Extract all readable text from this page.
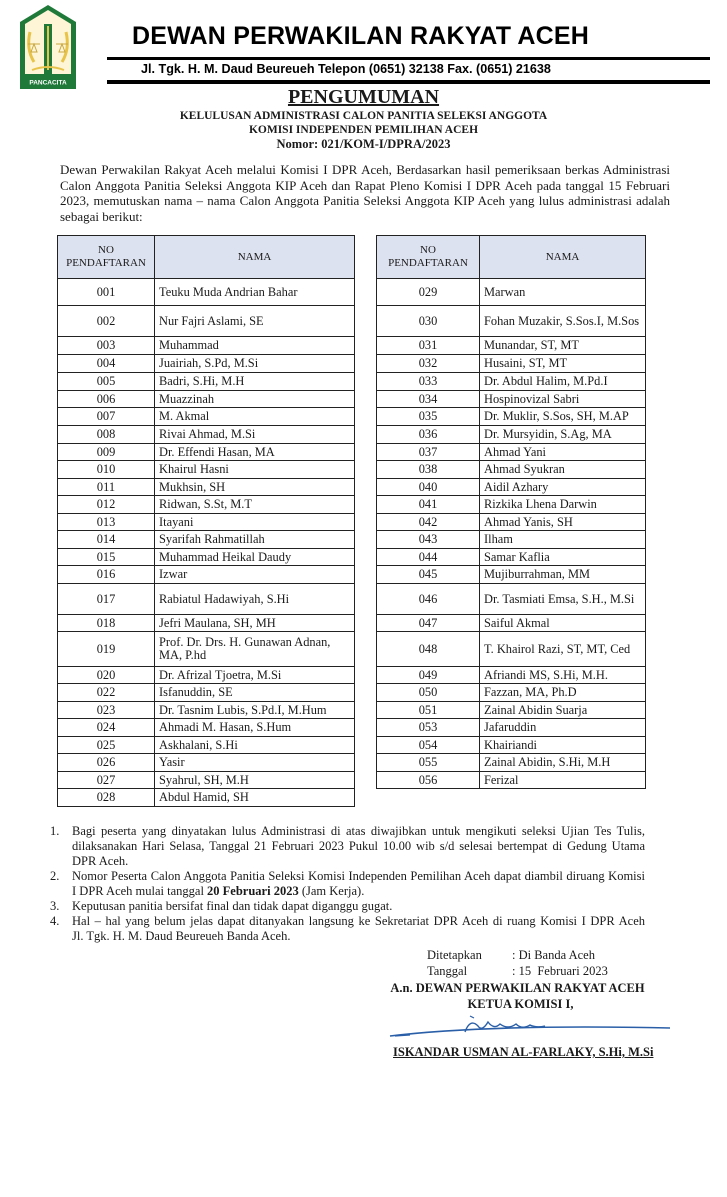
PANCACITA
DEWAN PERWAKILAN RAKYAT ACEH
Jl. Tgk. H. M. Daud Beureueh Telepon (0651) 32138 Fax. (0651) 21638

PENGUMUMAN

KELULUSAN ADMINISTRASI CALON PANITIA SELEKSI ANGGOTA

KOMISI INDEPENDEN PEMILIHAN ACEH

Nomor: 021/KOM-I/DPRA/2023

Dewan Perwakilan Rakyat Aceh melalui Komisi I DPR Aceh, Berdasarkan hasil pemeriksaan berkas Administrasi Calon Anggota Panitia Seleksi Anggota KIP Aceh dan Rapat Pleno Komisi I DPR Aceh pada tanggal 15 Februari 2023, memutuskan nama – nama Calon Anggota Panitia Seleksi Anggota KIP Aceh yang lulus administrasi adalah sebagai berikut:

NO PENDAFTARAN	NAMA
001	Teuku Muda Andrian Bahar
002	Nur Fajri Aslami, SE
003	Muhammad
004	Juairiah, S.Pd, M.Si
005	Badri, S.Hi, M.H
006	Muazzinah
007	M. Akmal
008	Rivai Ahmad, M.Si
009	Dr. Effendi Hasan, MA
010	Khairul Hasni
011	Mukhsin, SH
012	Ridwan, S.St, M.T
013	Itayani
014	Syarifah Rahmatillah
015	Muhammad Heikal Daudy
016	Izwar
017	Rabiatul Hadawiyah, S.Hi
018	Jefri Maulana, SH, MH
019	Prof. Dr. Drs. H. Gunawan Adnan, MA, P.hd
020	Dr. Afrizal Tjoetra, M.Si
022	Isfanuddin, SE
023	Dr. Tasnim Lubis, S.Pd.I, M.Hum
024	Ahmadi M. Hasan, S.Hum
025	Askhalani, S.Hi
026	Yasir
027	Syahrul, SH, M.H
028	Abdul Hamid, SH
NO PENDAFTARAN	NAMA
029	Marwan
030	Fohan Muzakir, S.Sos.I, M.Sos
031	Munandar, ST, MT
032	Husaini, ST, MT
033	Dr. Abdul Halim, M.Pd.I
034	Hospinovizal Sabri
035	Dr. Muklir, S.Sos, SH, M.AP
036	Dr. Mursyidin, S.Ag, MA
037	Ahmad Yani
038	Ahmad Syukran
040	Aidil Azhary
041	Rizkika Lhena Darwin
042	Ahmad Yanis, SH
043	Ilham
044	Samar Kaflia
045	Mujiburrahman, MM
046	Dr. Tasmiati Emsa, S.H., M.Si
047	Saiful Akmal
048	T. Khairol Razi, ST, MT, Ced
049	Afriandi MS, S.Hi, M.H.
050	Fazzan, MA, Ph.D
051	Zainal Abidin Suarja
053	Jafaruddin
054	Khairiandi
055	Zainal Abidin, S.Hi, M.H
056	Ferizal
1. Bagi peserta yang dinyatakan lulus Administrasi di atas diwajibkan untuk mengikuti seleksi Ujian Tes Tulis, dilaksanakan Hari Selasa, Tanggal 21 Februari 2023 Pukul 10.00 wib s/d selesai bertempat di Gedung Utama DPR Aceh.
2. Nomor Peserta Calon Anggota Panitia Seleksi Komisi Independen Pemilihan Aceh dapat diambil diruang Komisi I DPR Aceh mulai tanggal 20 Februari 2023 (Jam Kerja).
3. Keputusan panitia bersifat final dan tidak dapat diganggu gugat.
4. Hal – hal yang belum jelas dapat ditanyakan langsung ke Sekretariat DPR Aceh di ruang Komisi I DPR Aceh     Jl. Tgk. H. M. Daud Beureueh Banda Aceh.
Ditetapkan : Di Banda Aceh
Tanggal	: 15  Februari 2023
A.n. DEWAN PERWAKILAN RAKYAT ACEH
KETUA KOMISI I,
ISKANDAR USMAN AL-FARLAKY, S.Hi, M.Si
